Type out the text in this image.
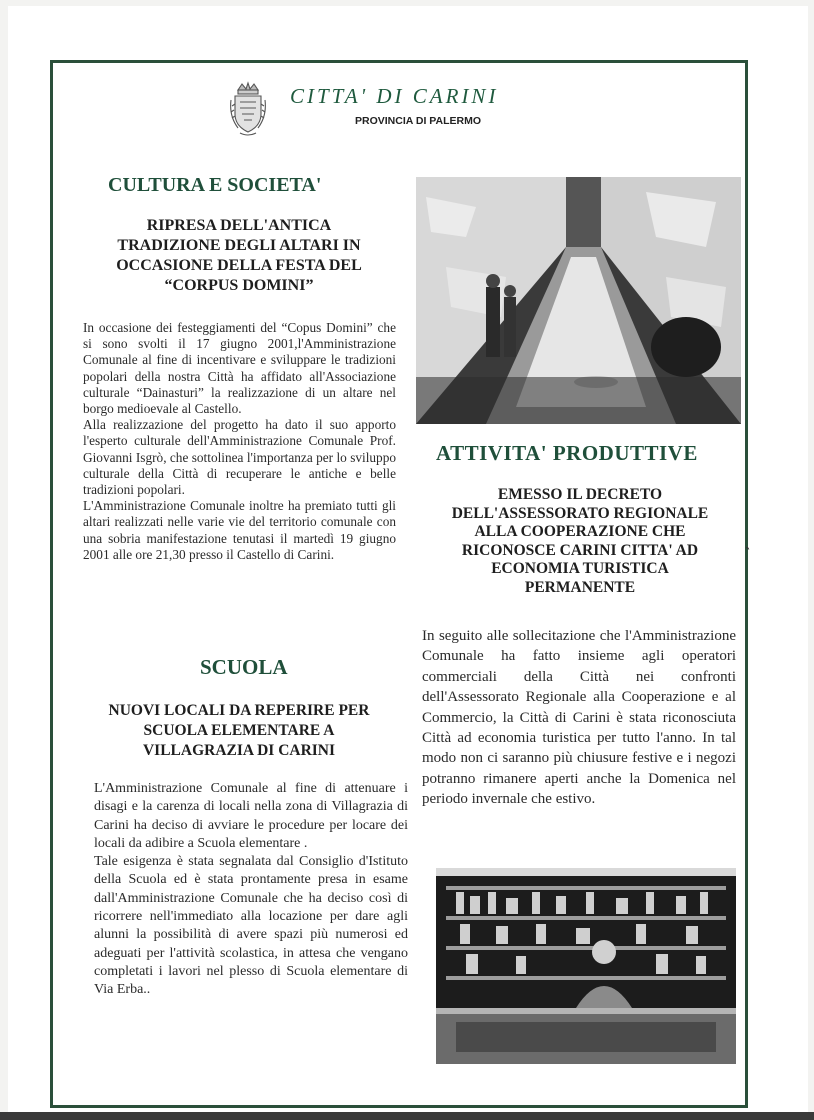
CITTA' DI CARINI
PROVINCIA DI PALERMO
CULTURA E SOCIETA'
RIPRESA DELL'ANTICA
TRADIZIONE DEGLI ALTARI IN
OCCASIONE DELLA FESTA DEL
“CORPUS DOMINI”

In occasione dei festeggiamenti del “Copus Domini” che si sono svolti il 17 giugno 2001,l'Amministrazione Comunale al fine di incentivare e sviluppare le tradizioni popolari della nostra Città ha affidato all'Associazione culturale “Dainasturi” la realizzazione di un altare nel borgo medioevale al Castello.

Alla realizzazione del progetto ha dato il suo apporto l'esperto culturale dell'Amministrazione Comunale Prof. Giovanni Isgrò, che sottolinea l'importanza per lo sviluppo culturale della Città di recuperare le antiche e belle tradizioni popolari.

L'Amministrazione Comunale inoltre ha premiato tutti gli altari realizzati nelle varie vie del territorio comunale con una sobria manifestazione tenutasi il martedì 19 giugno 2001 alle ore 21,30 presso il Castello di Carini.

SCUOLA
NUOVI LOCALI DA REPERIRE PER
SCUOLA ELEMENTARE A
VILLAGRAZIA DI CARINI

L'Amministrazione Comunale al fine di attenuare i disagi e la carenza di locali nella zona di Villagrazia di Carini ha deciso di avviare le procedure per locare dei locali da adibire a Scuola elementare .

Tale esigenza è stata segnalata dal Consiglio d'Istituto della Scuola ed è stata prontamente presa in esame dall'Amministrazione Comunale che ha deciso così di ricorrere nell'immediato alla locazione per dare agli alunni la possibilità di avere spazi più numerosi ed adeguati per l'attività scolastica, in attesa che vengano completati i lavori nel plesso di Scuola elementare di Via Erba..

ATTIVITA' PRODUTTIVE
EMESSO IL DECRETO
DELL'ASSESSORATO REGIONALE
ALLA COOPERAZIONE CHE
RICONOSCE CARINI CITTA' AD
ECONOMIA TURISTICA
PERMANENTE
`

In seguito alle sollecitazione che l'Amministrazione Comunale ha fatto insieme agli operatori commerciali della Città nei confronti dell'Assessorato Regionale alla Cooperazione e al Commercio, la Città di Carini è stata riconosciuta Città ad economia turistica per tutto l'anno. In tal modo non ci saranno più chiusure festive e i negozi potranno rimanere aperti anche la Domenica nel periodo invernale che estivo.
